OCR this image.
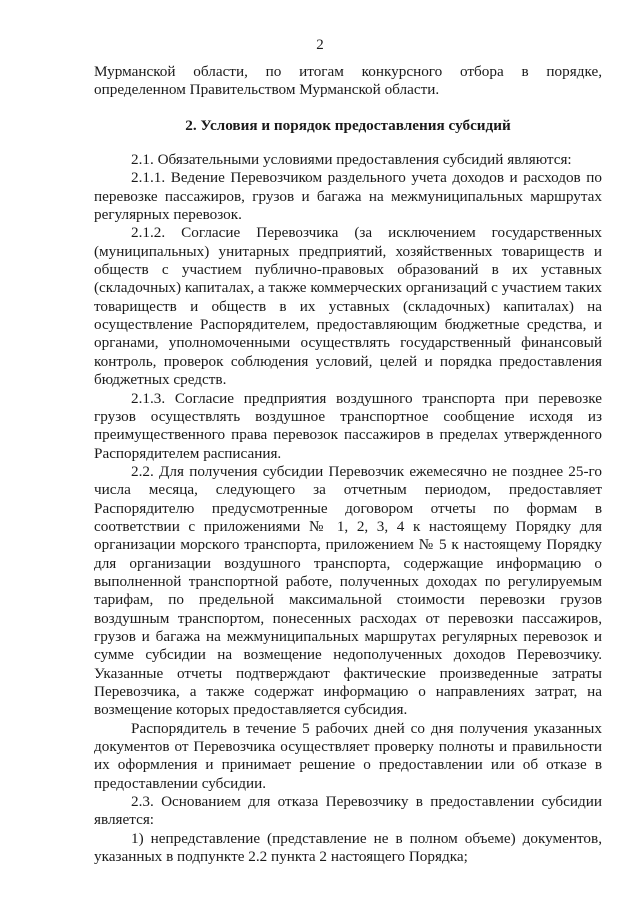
2

Мурманской области, по итогам конкурсного отбора в порядке,
определенном Правительством Мурманской области.

2. Условия и порядок предоставления субсидий

2.1. Обязательными условиями предоставления субсидий являются:

2.1.1. Ведение Перевозчиком раздельного учета доходов и расходов по перевозке пассажиров, грузов и багажа на межмуниципальных маршрутах регулярных перевозок.

2.1.2. Согласие Перевозчика (за исключением государственных (муниципальных) унитарных предприятий, хозяйственных товариществ и обществ с участием публично-правовых образований в их уставных (складочных) капиталах, а также коммерческих организаций с участием таких товариществ и обществ в их уставных (складочных) капиталах) на осуществление Распорядителем, предоставляющим бюджетные средства, и органами, уполномоченными осуществлять государственный финансовый контроль, проверок соблюдения условий, целей и порядка предоставления бюджетных средств.

2.1.3. Согласие предприятия воздушного транспорта при перевозке грузов осуществлять воздушное транспортное сообщение исходя из преимущественного права перевозок пассажиров в пределах утвержденного Распорядителем расписания.

2.2. Для получения субсидии Перевозчик ежемесячно не позднее 25-го числа месяца, следующего за отчетным периодом, предоставляет Распорядителю предусмотренные договором отчеты по формам в соответствии с приложениями № 1, 2, 3, 4 к настоящему Порядку для организации морского транспорта, приложением № 5 к настоящему Порядку для организации воздушного транспорта, содержащие информацию о выполненной транспортной работе, полученных доходах по регулируемым тарифам, по предельной максимальной стоимости перевозки грузов воздушным транспортом, понесенных расходах от перевозки пассажиров, грузов и багажа на межмуниципальных маршрутах регулярных перевозок и сумме субсидии на возмещение недополученных доходов Перевозчику. Указанные отчеты подтверждают фактические произведенные затраты Перевозчика, а также содержат информацию о направлениях затрат, на возмещение которых предоставляется субсидия.

Распорядитель в течение 5 рабочих дней со дня получения указанных документов от Перевозчика осуществляет проверку полноты и правильности их оформления и принимает решение о предоставлении или об отказе в предоставлении субсидии.

2.3. Основанием для отказа Перевозчику в предоставлении субсидии является:

1) непредставление (представление не в полном объеме) документов, указанных в подпункте 2.2 пункта 2 настоящего Порядка;
